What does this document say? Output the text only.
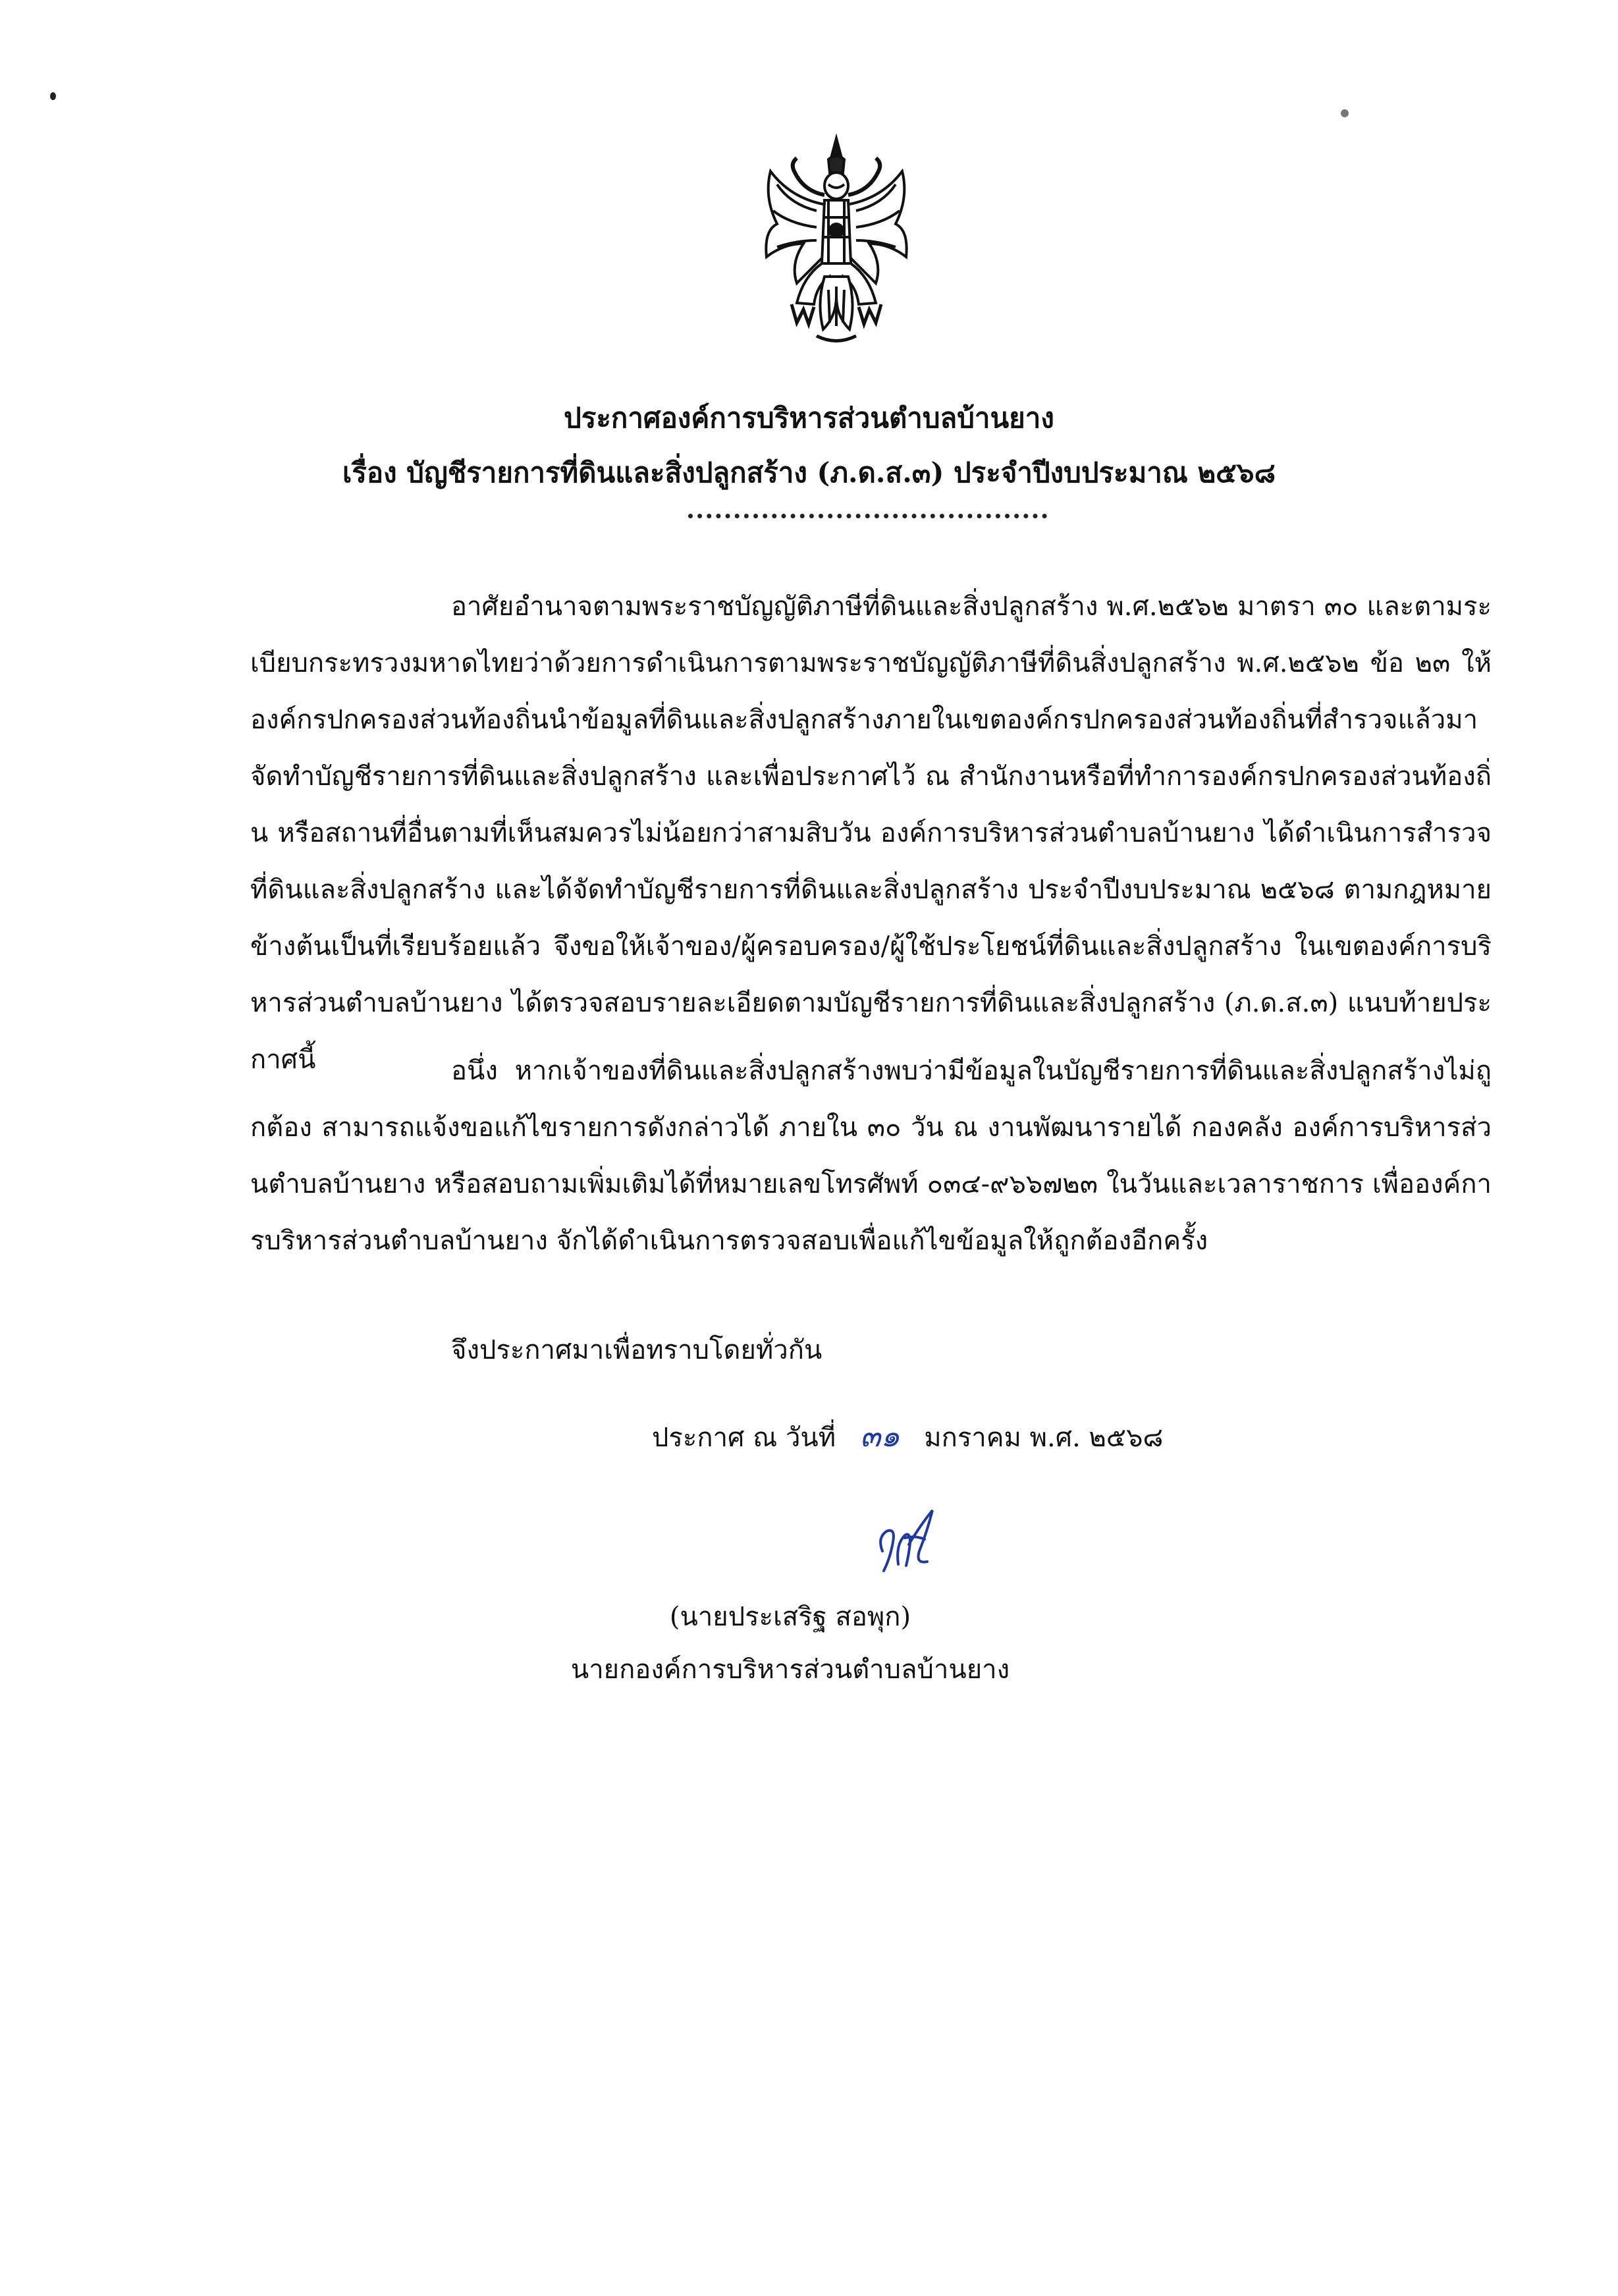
ประกาศองค์การบริหารส่วนตำบลบ้านยาง
เรื่อง บัญชีรายการที่ดินและสิ่งปลูกสร้าง (ภ.ด.ส.๓) ประจำปีงบประมาณ ๒๕๖๘
อาศัยอำนาจตามพระราชบัญญัติภาษีที่ดินและสิ่งปลูกสร้าง พ.ศ.๒๕๖๒ มาตรา ๓๐ และตามระเบียบกระทรวงมหาดไทยว่าด้วยการดำเนินการตามพระราชบัญญัติภาษีที่ดินสิ่งปลูกสร้าง พ.ศ.๒๕๖๒ ข้อ ๒๓ ให้องค์กรปกครองส่วนท้องถิ่นนำข้อมูลที่ดินและสิ่งปลูกสร้างภายในเขตองค์กรปกครองส่วนท้องถิ่นที่สำรวจแล้วมาจัดทำบัญชีรายการที่ดินและสิ่งปลูกสร้าง และเพื่อประกาศไว้ ณ สำนักงานหรือที่ทำการองค์กรปกครองส่วนท้องถิ่น หรือสถานที่อื่นตามที่เห็นสมควรไม่น้อยกว่าสามสิบวัน องค์การบริหารส่วนตำบลบ้านยาง ได้ดำเนินการสำรวจที่ดินและสิ่งปลูกสร้าง และได้จัดทำบัญชีรายการที่ดินและสิ่งปลูกสร้าง ประจำปีงบประมาณ ๒๕๖๘ ตามกฎหมายข้างต้นเป็นที่เรียบร้อยแล้ว จึงขอให้เจ้าของ/ผู้ครอบครอง/ผู้ใช้ประโยชน์ที่ดินและสิ่งปลูกสร้าง ในเขตองค์การบริหารส่วนตำบลบ้านยาง ได้ตรวจสอบรายละเอียดตามบัญชีรายการที่ดินและสิ่งปลูกสร้าง (ภ.ด.ส.๓) แนบท้ายประกาศนี้	อนึ่ง หากเจ้าของที่ดินและสิ่งปลูกสร้างพบว่ามีข้อมูลในบัญชีรายการที่ดินและสิ่งปลูกสร้างไม่ถูกต้อง สามารถแจ้งขอแก้ไขรายการดังกล่าวได้ ภายใน ๓๐ วัน ณ งานพัฒนารายได้ กองคลัง องค์การบริหารส่วนตำบลบ้านยาง หรือสอบถามเพิ่มเติมได้ที่หมายเลขโทรศัพท์ ๐๓๔-๙๖๖๗๒๓ ในวันและเวลาราชการ เพื่อองค์การบริหารส่วนตำบลบ้านยาง จักได้ดำเนินการตรวจสอบเพื่อแก้ไขข้อมูลให้ถูกต้องอีกครั้ง
จึงประกาศมาเพื่อทราบโดยทั่วกัน
ประกาศ ณ วันที่ ๓๑ มกราคม พ.ศ. ๒๕๖๘
(นายประเสริฐ สอพุก)
นายกองค์การบริหารส่วนตำบลบ้านยาง
